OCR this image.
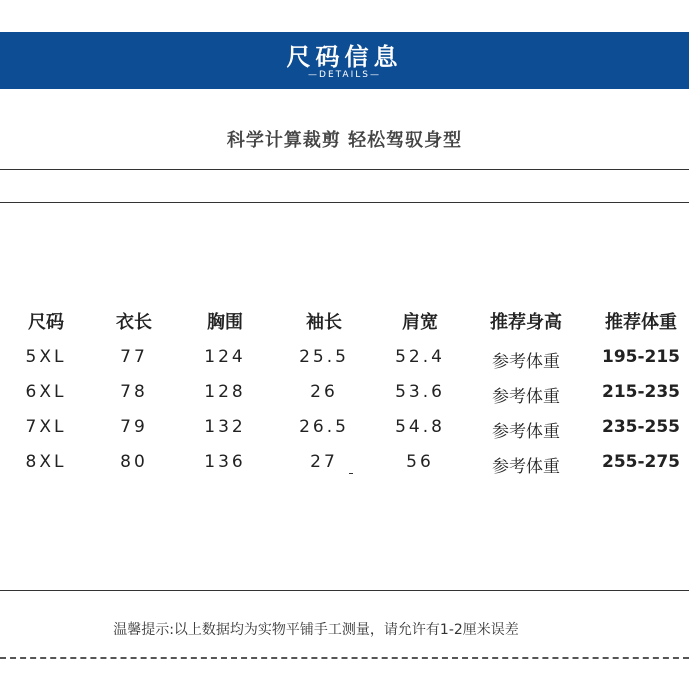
尺码信息
—DETAILS—
科学计算裁剪 轻松驾驭身型
尺码	衣长	胸围	袖长	肩宽	推荐身高	推荐体重
5XL	77	124	25.5	52.4	参考体重	195-215
6XL	78	128	26	53.6	参考体重	215-235
7XL	79	132	26.5	54.8	参考体重	235-255
8XL	80	136	27	56	参考体重	255-275
温馨提示:以上数据均为实物平铺手工测量，请允许有1-2厘米误差
